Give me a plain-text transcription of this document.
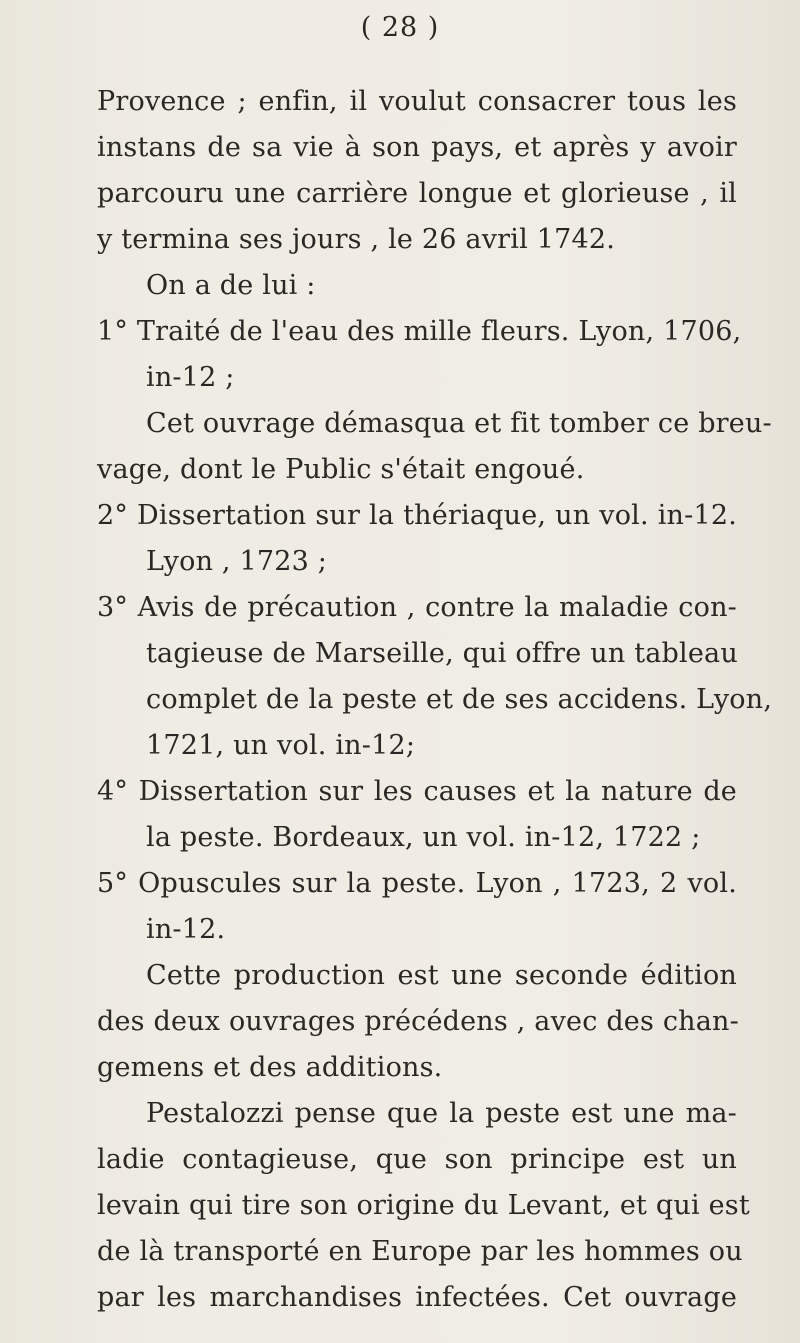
( 28 )
Provence ; enfin, il voulut consacrer tous les
instans de sa vie à son pays, et après y avoir
parcouru une carrière longue et glorieuse , il
y termina ses jours , le 26 avril 1742.
On a de lui :
1° Traité de l'eau des mille fleurs. Lyon, 1706,
in-12 ;
Cet ouvrage démasqua et fit tomber ce breu-
vage, dont le Public s'était engoué.
2° Dissertation sur la thériaque, un vol. in-12.
Lyon , 1723 ;
3° Avis de précaution , contre la maladie con-
tagieuse de Marseille, qui offre un tableau
complet de la peste et de ses accidens. Lyon,
1721, un vol. in-12;
4° Dissertation sur les causes et la nature de
la peste. Bordeaux, un vol. in-12, 1722 ;
5° Opuscules sur la peste. Lyon , 1723, 2 vol.
in-12.
Cette production est une seconde édition
des deux ouvrages précédens , avec des chan-
gemens et des additions.
Pestalozzi pense que la peste est une ma-
ladie contagieuse, que son principe est un
levain qui tire son origine du Levant, et qui est
de là transporté en Europe par les hommes ou
par les marchandises infectées. Cet ouvrage
